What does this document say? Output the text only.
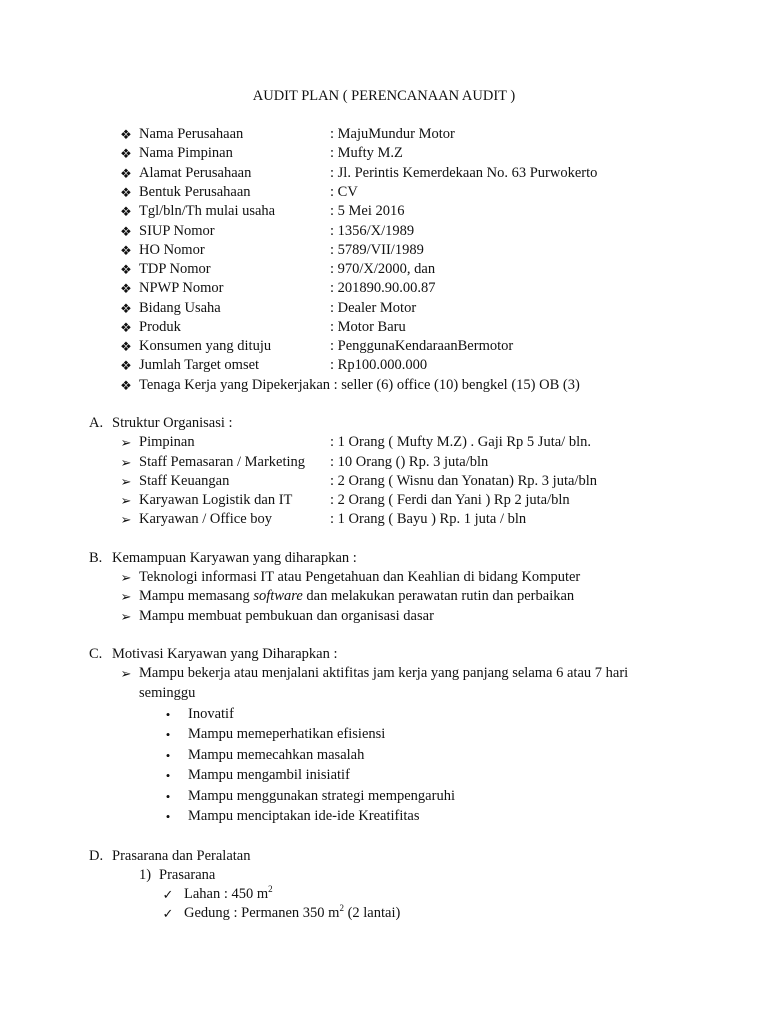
AUDIT PLAN ( PERENCANAAN AUDIT )
❖ Nama Perusahaan	: MajuMundur Motor
❖ Nama Pimpinan	: Mufty M.Z
❖ Alamat Perusahaan	: Jl. Perintis Kemerdekaan No. 63 Purwokerto
❖ Bentuk Perusahaan	: CV
❖ Tgl/bln/Th mulai usaha	: 5 Mei 2016
❖ SIUP Nomor	: 1356/X/1989
❖ HO Nomor	: 5789/VII/1989
❖ TDP Nomor	: 970/X/2000, dan
❖ NPWP Nomor	: 201890.90.00.87
❖ Bidang Usaha	: Dealer Motor
❖ Produk	: Motor Baru
❖ Konsumen yang dituju	: PenggunaKendaraanBermotor
❖ Jumlah Target omset	: Rp100.000.000
❖ Tenaga Kerja yang Dipekerjakan : seller (6) office (10) bengkel (15) OB (3)
A. Struktur Organisasi :
➢ Pimpinan	: 1 Orang ( Mufty M.Z) . Gaji Rp 5 Juta/ bln.
➢ Staff Pemasaran / Marketing : 10 Orang () Rp. 3 juta/bln
➢ Staff Keuangan	: 2 Orang ( Wisnu dan Yonatan) Rp. 3 juta/bln
➢ Karyawan Logistik dan IT	: 2 Orang ( Ferdi dan Yani ) Rp 2 juta/bln
➢ Karyawan / Office boy	: 1 Orang ( Bayu ) Rp. 1 juta / bln
B. Kemampuan Karyawan yang diharapkan :
➢ Teknologi informasi IT atau Pengetahuan dan Keahlian di bidang Komputer
➢ Mampu memasang software dan melakukan perawatan rutin dan perbaikan
➢ Mampu membuat pembukuan dan organisasi dasar
C. Motivasi Karyawan yang Diharapkan :
➢ Mampu bekerja atau menjalani aktifitas jam kerja yang panjang selama 6 atau 7 hari
seminggu
•	Inovatif
•	Mampu memeperhatikan efisiensi
•	Mampu memecahkan masalah
•	Mampu mengambil inisiatif
•	Mampu menggunakan strategi mempengaruhi
•	Mampu menciptakan ide-ide Kreatifitas
D. Prasarana dan Peralatan
1) Prasarana
✓ Lahan : 450 $m^2$
✓ Gedung : Permanen 350 $m^2$ (2 lantai)
